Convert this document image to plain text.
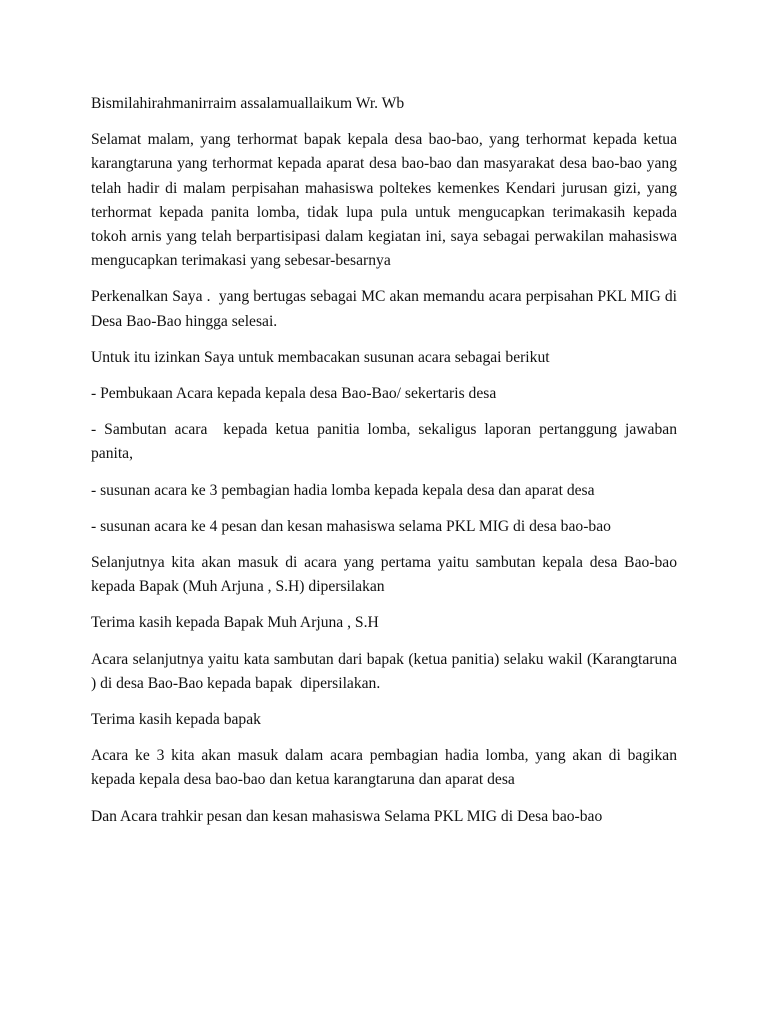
Bismilahirahmanirraim assalamuallaikum Wr. Wb

Selamat malam, yang terhormat bapak kepala desa bao-bao, yang terhormat kepada ketua karangtaruna yang terhormat kepada aparat desa bao-bao dan masyarakat desa bao-bao yang telah hadir di malam perpisahan mahasiswa poltekes kemenkes Kendari jurusan gizi, yang terhormat kepada panita lomba, tidak lupa pula untuk mengucapkan terimakasih kepada tokoh arnis yang telah berpartisipasi dalam kegiatan ini, saya sebagai perwakilan mahasiswa mengucapkan terimakasi yang sebesar-besarnya

Perkenalkan Saya .  yang bertugas sebagai MC akan memandu acara perpisahan PKL MIG di Desa Bao-Bao hingga selesai.

Untuk itu izinkan Saya untuk membacakan susunan acara sebagai berikut

- Pembukaan Acara kepada kepala desa Bao-Bao/ sekertaris desa

- Sambutan acara  kepada ketua panitia lomba, sekaligus laporan pertanggung jawaban panita,

- susunan acara ke 3 pembagian hadia lomba kepada kepala desa dan aparat desa

- susunan acara ke 4 pesan dan kesan mahasiswa selama PKL MIG di desa bao-bao

Selanjutnya kita akan masuk di acara yang pertama yaitu sambutan kepala desa Bao-bao kepada Bapak (Muh Arjuna , S.H) dipersilakan

Terima kasih kepada Bapak Muh Arjuna , S.H

Acara selanjutnya yaitu kata sambutan dari bapak (ketua panitia) selaku wakil (Karangtaruna ) di desa Bao-Bao kepada bapak  dipersilakan.

Terima kasih kepada bapak

Acara ke 3 kita akan masuk dalam acara pembagian hadia lomba, yang akan di bagikan kepada kepala desa bao-bao dan ketua karangtaruna dan aparat desa

Dan Acara trahkir pesan dan kesan mahasiswa Selama PKL MIG di Desa bao-bao
